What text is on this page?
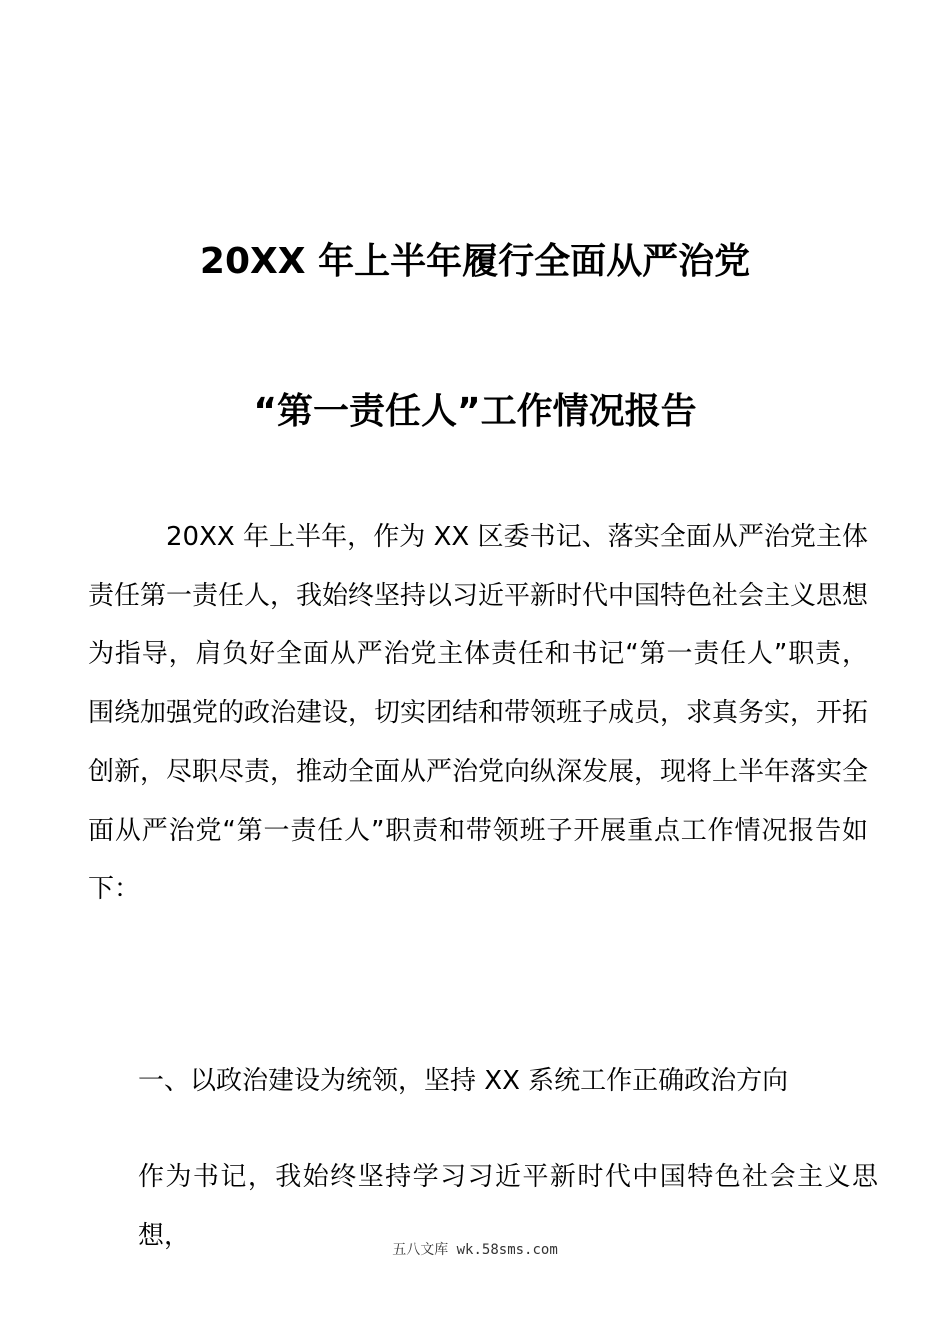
20XX 年上半年履行全面从严治党
“第一责任人”工作情况报告

20XX 年上半年，作为 XX 区委书记、落实全面从严治党主体责任第一责任人，我始终坚持以习近平新时代中国特色社会主义思想为指导，肩负好全面从严治党主体责任和书记“第一责任人”职责，围绕加强党的政治建设，切实团结和带领班子成员，求真务实，开拓创新，尽职尽责，推动全面从严治党向纵深发展，现将上半年落实全面从严治党“第一责任人”职责和带领班子开展重点工作情况报告如下：

一、以政治建设为统领，坚持 XX 系统工作正确政治方向

作为书记，我始终坚持学习习近平新时代中国特色社会主义思想，	五八文库 wk.58sms.com
